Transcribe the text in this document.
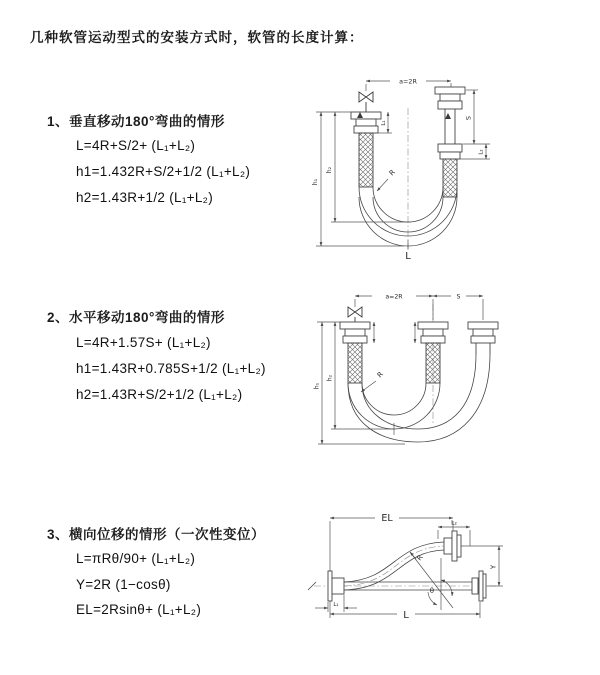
几种软管运动型式的安装方式时，软管的长度计算：
1、垂直移动180°弯曲的情形
L=4R+S/2+ (L₁+L₂)
h1=1.432R+S/2+1/2 (L₁+L₂)
h2=1.43R+1/2 (L₁+L₂)
a=2R
h₁
h₂
L₁
S
L₂
R
L
2、水平移动180°弯曲的情形
L=4R+1.57S+ (L₁+L₂)
h1=1.43R+0.785S+1/2 (L₁+L₂)
h2=1.43R+S/2+1/2 (L₁+L₂)
a=2R	S
h₁
h₂	R
3、横向位移的情形（一次性变位）
L=πRθ/90+ (L₁+L₂)
Y=2R (1−cosθ)
EL=2Rsinθ+ (L₁+L₂)
EL	L₂
Y
θ
R
L
L₁
